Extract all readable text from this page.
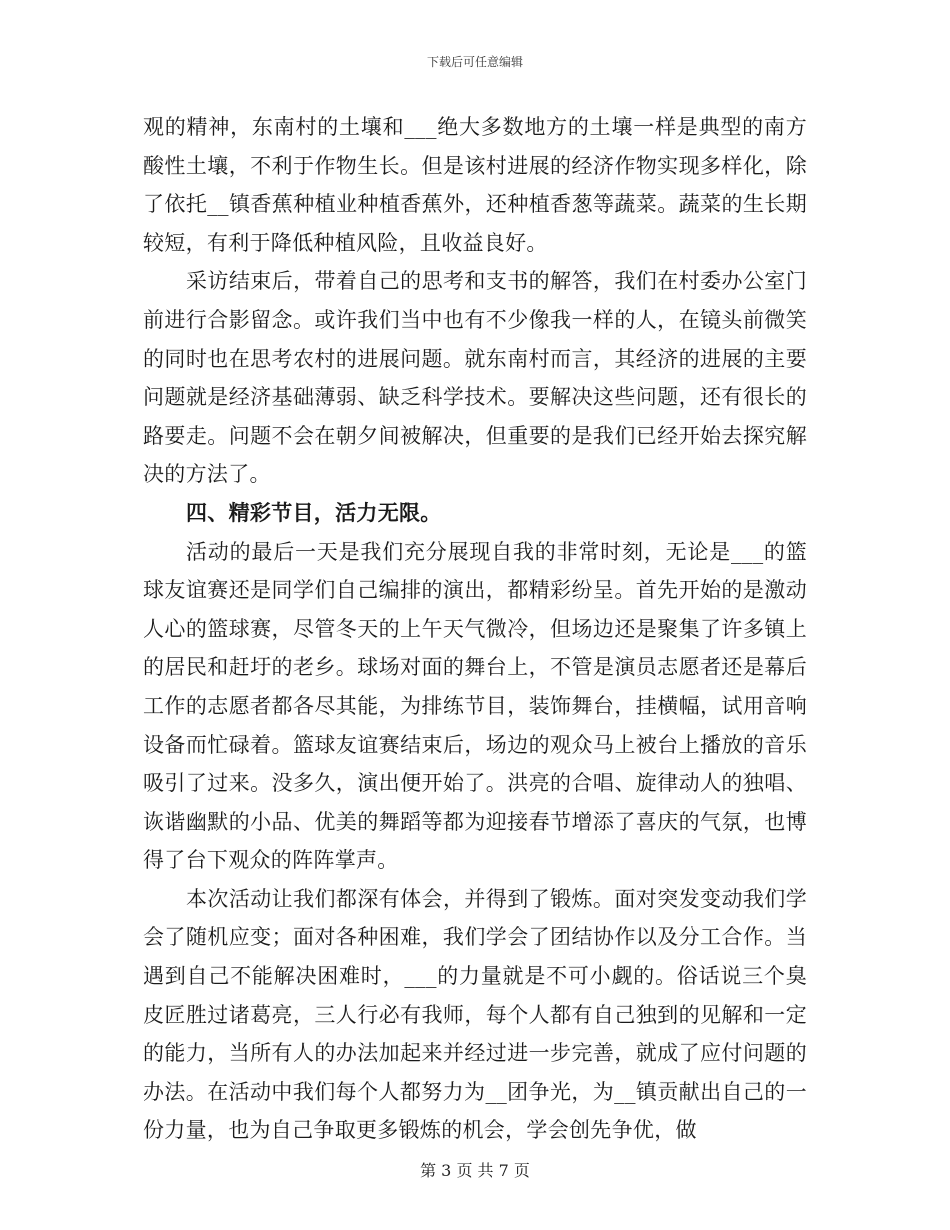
下载后可任意编辑

观的精神，东南村的土壤和___绝大多数地方的土壤一样是典型的南方酸性土壤，不利于作物生长。但是该村进展的经济作物实现多样化，除了依托__镇香蕉种植业种植香蕉外，还种植香葱等蔬菜。蔬菜的生长期较短，有利于降低种植风险，且收益良好。

采访结束后，带着自己的思考和支书的解答，我们在村委办公室门前进行合影留念。或许我们当中也有不少像我一样的人，在镜头前微笑的同时也在思考农村的进展问题。就东南村而言，其经济的进展的主要问题就是经济基础薄弱、缺乏科学技术。要解决这些问题，还有很长的路要走。问题不会在朝夕间被解决，但重要的是我们已经开始去探究解决的方法了。

四、精彩节目，活力无限。

活动的最后一天是我们充分展现自我的非常时刻，无论是___的篮球友谊赛还是同学们自己编排的演出，都精彩纷呈。首先开始的是激动人心的篮球赛，尽管冬天的上午天气微冷，但场边还是聚集了许多镇上的居民和赶圩的老乡。球场对面的舞台上，不管是演员志愿者还是幕后工作的志愿者都各尽其能，为排练节目，装饰舞台，挂横幅，试用音响设备而忙碌着。篮球友谊赛结束后，场边的观众马上被台上播放的音乐吸引了过来。没多久，演出便开始了。洪亮的合唱、旋律动人的独唱、诙谐幽默的小品、优美的舞蹈等都为迎接春节增添了喜庆的气氛，也博得了台下观众的阵阵掌声。

本次活动让我们都深有体会，并得到了锻炼。面对突发变动我们学会了随机应变；面对各种困难，我们学会了团结协作以及分工合作。当遇到自己不能解决困难时，___的力量就是不可小觑的。俗话说三个臭皮匠胜过诸葛亮，三人行必有我师，每个人都有自己独到的见解和一定的能力，当所有人的办法加起来并经过进一步完善，就成了应付问题的办法。在活动中我们每个人都努力为__团争光，为__镇贡献出自己的一份力量，也为自己争取更多锻炼的机会，学会创先争优，做

第 3 页 共 7 页
